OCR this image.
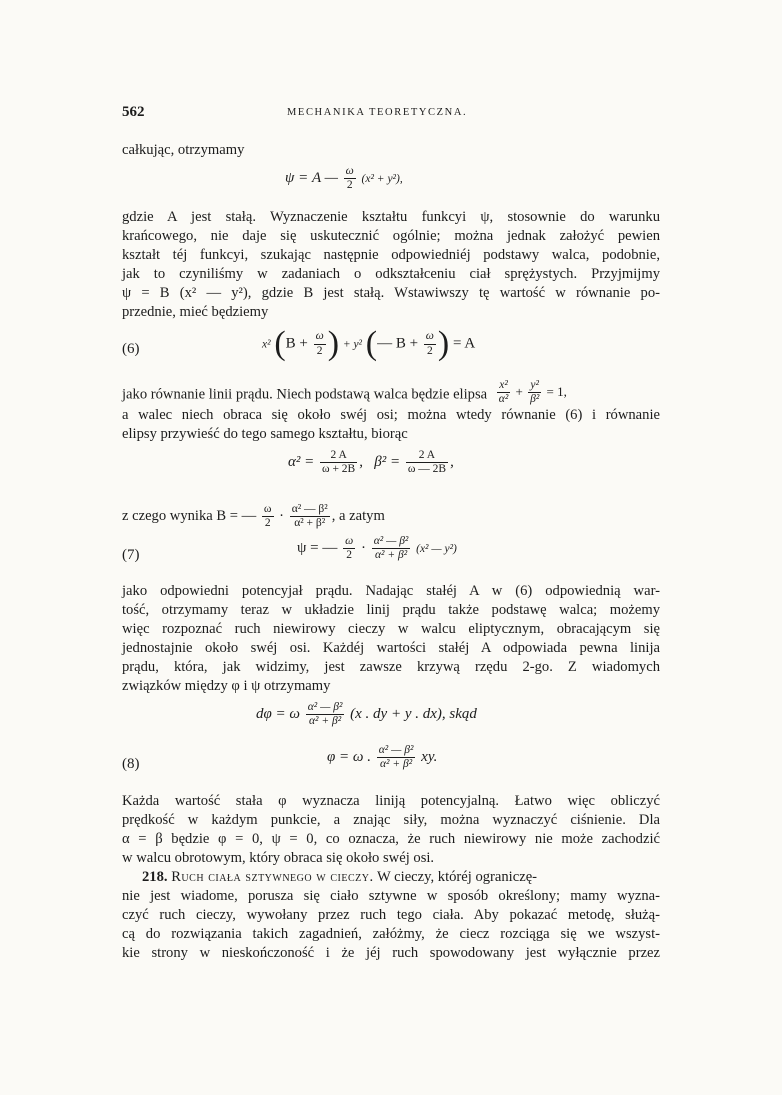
562	MECHANIKA TEORETYCZNA.
całkując, otrzymamy
ψ = A — $\frac{\omega}{2} (x^2 + y^2)$,
gdzie A jest stałą. Wyznaczenie kształtu funkcyi ψ, stosownie do warunku
krańcowego, nie daje się uskutecznić ogólnie; można jednak założyć pewien
kształt téj funkcyi, szukając następnie odpowiedniéj podstawy walca, podobnie,
jak to czyniliśmy w zadaniach o odkształceniu ciał sprężystych. Przyjmijmy
ψ = B (x² — y²), gdzie B jest stałą. Wstawiwszy tę wartość w równanie po-
przednie, mieć będziemy
(6)	x² ($B + \frac{\omega}{2}$ ) + y² (— $B + \frac{\omega}{2}$ ) = A
jako równanie linii prądu. Niech podstawą walca będzie elipsa $\frac{\text{x²}}{\text{α²}} + \frac{\text{y²}}{\text{β²}} = 1$,
a walec niech obraca się około swéj osi; można wtedy równanie (6) i równanie
elipsy przywieść do tego samego kształtu, biorąc
$\alpha^2 = \frac{2 A}{\omega + 2B}$ , $\beta^2 = \frac{2 A}{\omega — 2B}$ ,
z czego wynika B = — $\frac{\omega}{2} \cdot \frac{\text{α² — β²}}{\text{α² + β²}}$ , a zatym
(7)	ψ = — $\frac{\omega}{2} \cdot \frac{\text{α² — β²}}{\text{α² + β²}} (x^2$ — y²)
jako odpowiedni potencyjał prądu. Nadając stałéj A w (6) odpowiednią war-
tość, otrzymamy teraz w układzie linij prądu także podstawę walca; możemy
więc rozpoznać ruch niewirowy cieczy w walcu eliptycznym, obracającym się
jednostajnie około swéj osi. Każdéj wartości stałéj A odpowiada pewna linija
prądu, która, jak widzimy, jest zawsze krzywą rzędu 2-go. Z wiadomych
związków między φ i ψ otrzymamy
dφ = ω $\frac{\text{α² — β²}}{\text{α² + β²}} (x$ . dy + y . dx), skąd
(8)	φ = ω . $\frac{\text{α² — β²}}{\text{α² + β²}}$ xy.
Każda wartość stała φ wyznacza liniją potencyjalną. Łatwo więc obliczyć
prędkość w każdym punkcie, a znając siły, można wyznaczyć ciśnienie. Dla
α = β będzie φ = 0, ψ = 0, co oznacza, że ruch niewirowy nie może zachodzić
w walcu obrotowym, który obraca się około swéj osi.
218. Ruch ciała sztywnego w cieczy. W cieczy, któréj ograniczę-
nie jest wiadome, porusza się ciało sztywne w sposób określony; mamy wyzna-
czyć ruch cieczy, wywołany przez ruch tego ciała. Aby pokazać metodę, służą-
cą do rozwiązania takich zagadnień, załóżmy, że ciecz rozciąga się we wszyst-
kie strony w nieskończoność i że jéj ruch spowodowany jest wyłącznie przez
